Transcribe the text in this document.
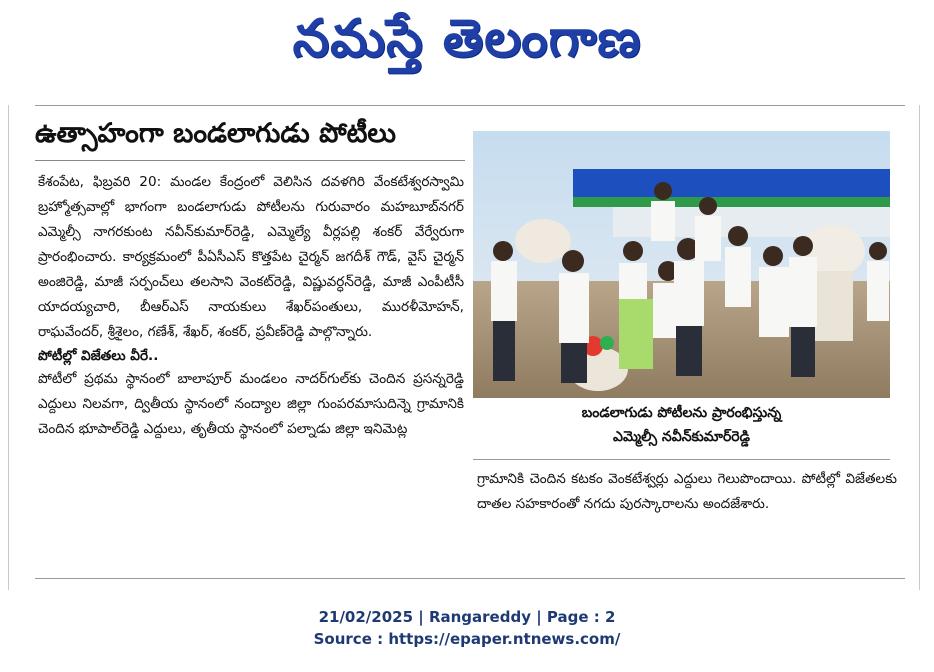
నమస్తే తెలంగాణ
ఉత్సాహంగా బండలాగుడు పోటీలు

కేశంపేట, ఫిబ్రవరి 20: మండల కేంద్రంలో వెలిసిన దవళగిరి వేంకటేశ్వరస్వామి బ్రహ్మోత్సవాల్లో భాగంగా బండలాగుడు పోటీలను గురువారం మహబూబ్‌నగర్ ఎమ్మెల్సీ నాగరకుంట నవీన్‌కుమార్‌రెడ్డి, ఎమ్మెల్యే వీర్లపల్లి శంకర్ వేర్వేరుగా ప్రారంభించారు. కార్యక్రమంలో పీఏసీఎస్ కొత్తపేట చైర్మన్ జగదీశ్ గౌడ్, వైస్ చైర్మన్ అంజిరెడ్డి, మాజీ సర్పంచ్‌లు తలసాని వెంకట్‌రెడ్డి, విష్ణువర్ధన్‌రెడ్డి, మాజీ ఎంపీటీసీ యాదయ్యచారి, బీఆర్ఎస్ నాయకులు శేఖర్‌పంతులు, మురళీమోహన్, రాఘవేందర్, శ్రీశైలం, గణేశ్, శేఖర్, శంకర్, ప్రవీణ్‌రెడ్డి పాల్గొన్నారు.

పోటీల్లో విజేతలు వీరే..

పోటీలో ప్రథమ స్థానంలో బాలాపూర్ మండలం నాదర్‌గుల్‌కు చెందిన ప్రసన్నరెడ్డి ఎద్దులు నిలవగా, ద్వితీయ స్థానంలో నంద్యాల జిల్లా గుంపరమాసుదిన్నె గ్రామానికి చెందిన భూపాల్‌రెడ్డి ఎద్దులు, తృతీయ స్థానంలో పల్నాడు జిల్లా ఇనిమెట్ల

బండలాగుడు పోటీలను ప్రారంభిస్తున్న
ఎమ్మెల్సీ నవీన్‌కుమార్‌రెడ్డి

గ్రామానికి చెందిన కటకం వెంకటేశ్వర్లు ఎద్దులు గెలుపొందాయి. పోటీల్లో విజేతలకు దాతల సహకారంతో నగదు పురస్కారాలను అందజేశారు.

21/02/2025 | Rangareddy | Page : 2
Source : https://epaper.ntnews.com/
